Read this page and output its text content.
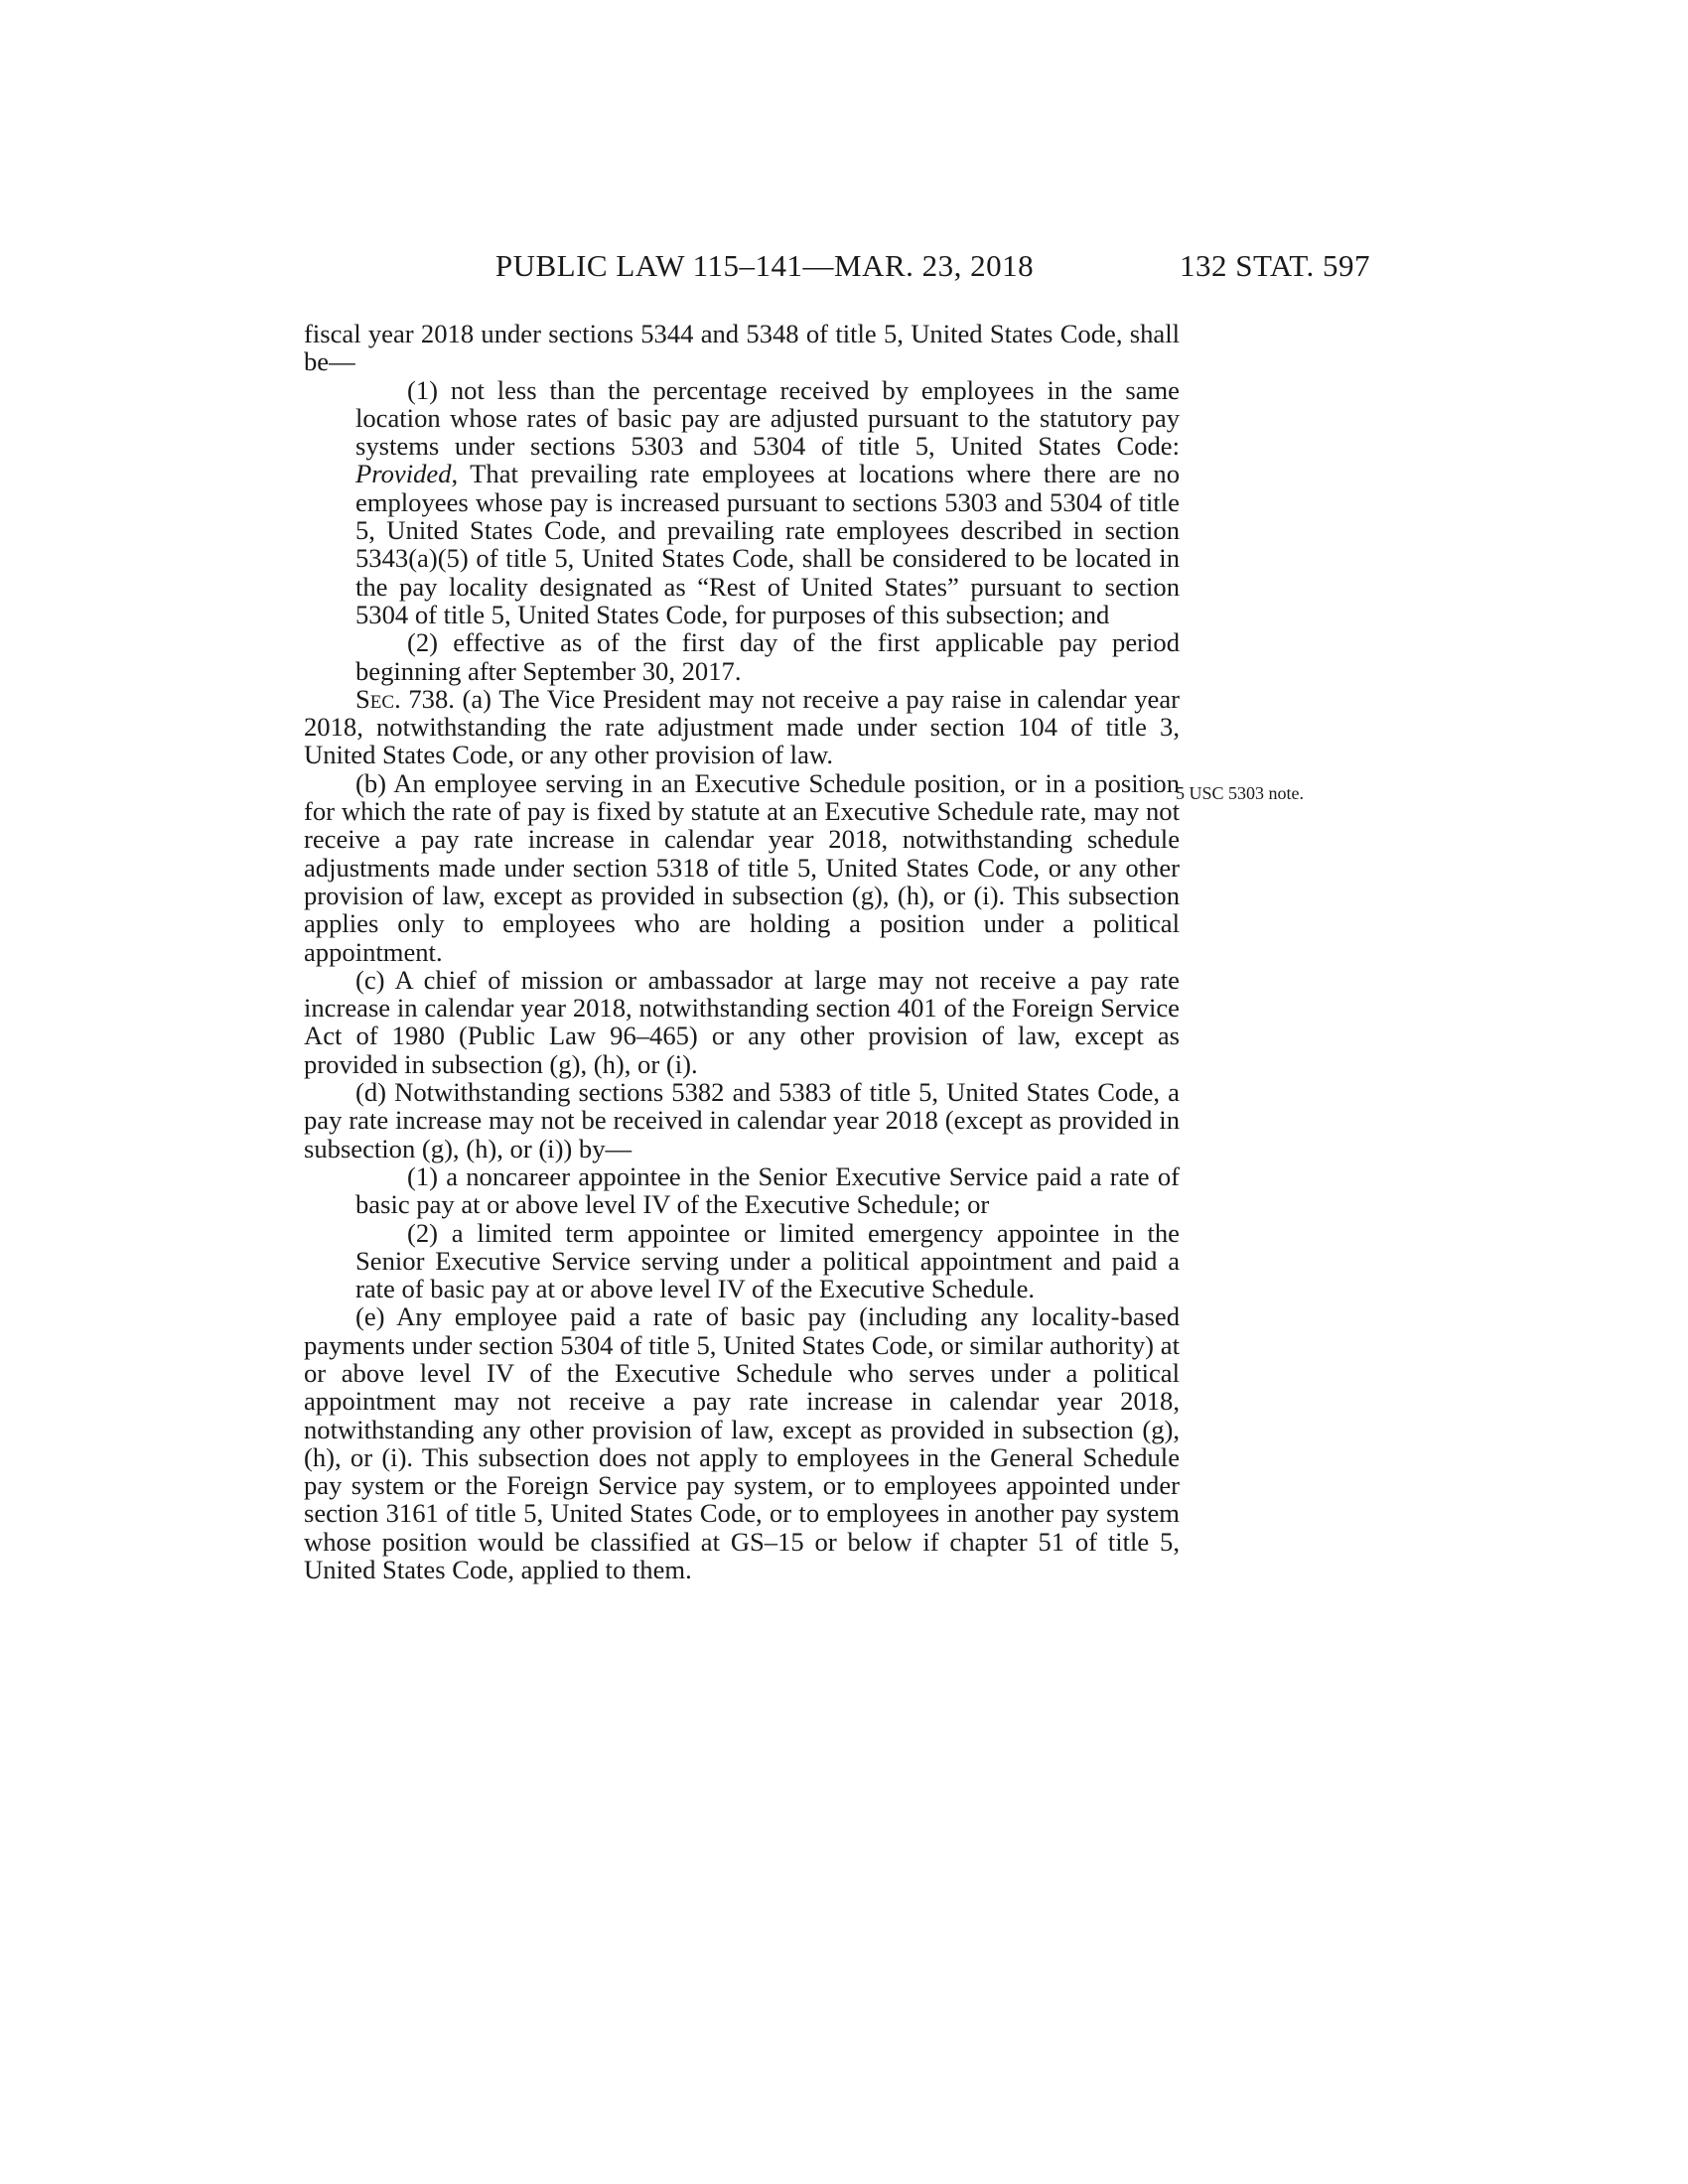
PUBLIC LAW 115–141—MAR. 23, 2018	132 STAT. 597
5 USC 5303 note.

fiscal year 2018 under sections 5344 and 5348 of title 5, United States Code, shall be—

(1) not less than the percentage received by employees in the same location whose rates of basic pay are adjusted pursuant to the statutory pay systems under sections 5303 and 5304 of title 5, United States Code: Provided, That prevailing rate employees at locations where there are no employees whose pay is increased pursuant to sections 5303 and 5304 of title 5, United States Code, and prevailing rate employees described in section 5343(a)(5) of title 5, United States Code, shall be considered to be located in the pay locality designated as “Rest of United States” pursuant to section 5304 of title 5, United States Code, for purposes of this subsection; and

(2) effective as of the first day of the first applicable pay period beginning after September 30, 2017.

Sec. 738. (a) The Vice President may not receive a pay raise in calendar year 2018, notwithstanding the rate adjustment made under section 104 of title 3, United States Code, or any other provision of law.

(b) An employee serving in an Executive Schedule position, or in a position for which the rate of pay is fixed by statute at an Executive Schedule rate, may not receive a pay rate increase in calendar year 2018, notwithstanding schedule adjustments made under section 5318 of title 5, United States Code, or any other provision of law, except as provided in subsection (g), (h), or (i). This subsection applies only to employees who are holding a position under a political appointment.

(c) A chief of mission or ambassador at large may not receive a pay rate increase in calendar year 2018, notwithstanding section 401 of the Foreign Service Act of 1980 (Public Law 96–465) or any other provision of law, except as provided in subsection (g), (h), or (i).

(d) Notwithstanding sections 5382 and 5383 of title 5, United States Code, a pay rate increase may not be received in calendar year 2018 (except as provided in subsection (g), (h), or (i)) by—

(1) a noncareer appointee in the Senior Executive Service paid a rate of basic pay at or above level IV of the Executive Schedule; or

(2) a limited term appointee or limited emergency appointee in the Senior Executive Service serving under a political appointment and paid a rate of basic pay at or above level IV of the Executive Schedule.

(e) Any employee paid a rate of basic pay (including any locality-based payments under section 5304 of title 5, United States Code, or similar authority) at or above level IV of the Executive Schedule who serves under a political appointment may not receive a pay rate increase in calendar year 2018, notwithstanding any other provision of law, except as provided in subsection (g), (h), or (i). This subsection does not apply to employees in the General Schedule pay system or the Foreign Service pay system, or to employees appointed under section 3161 of title 5, United States Code, or to employees in another pay system whose position would be classified at GS–15 or below if chapter 51 of title 5, United States Code, applied to them.
